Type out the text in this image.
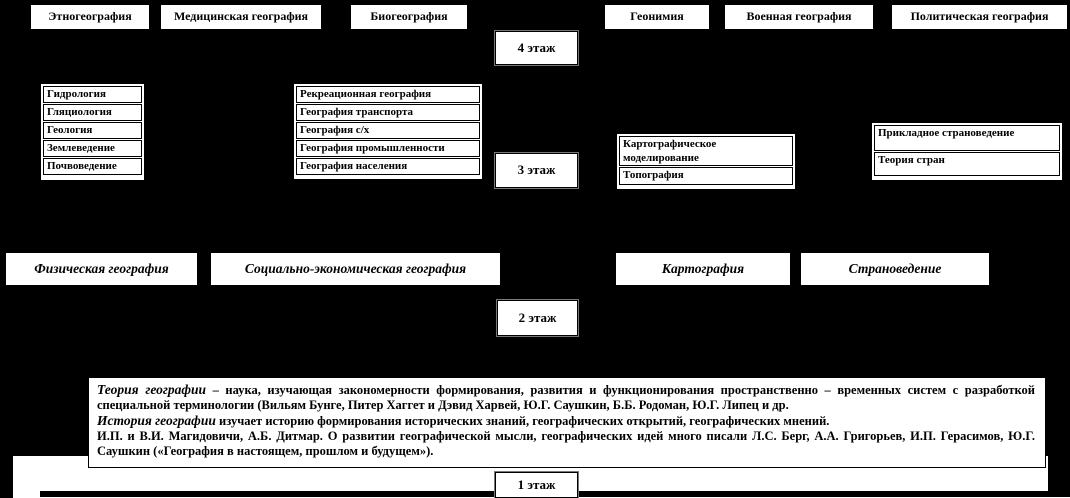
Этногеография	Медицинская география	Биогеография	Геонимия	Военная география	Политическая география
4 этаж
3 этаж
2 этаж
1 этаж
Гидрология
Гляциология
Геология
Землеведение
Почвоведение
Рекреационная география
География транспорта
География с/х
География промышленности
География населения
Картографическое моделирование
Топография
Прикладное страноведение
Теория стран
Физическая география	Социально-экономическая география	Картография	Страноведение
Теория географии – наука, изучающая закономерности формирования, развития и функционирования пространственно – временных систем с разработкой специальной терминологии (Вильям Бунге, Питер Хаггет и Дэвид Харвей, Ю.Г. Саушкин, Б.Б. Родоман, Ю.Г. Липец и др.
История географии изучает историю формирования исторических знаний, географических открытий, географических мнений.
И.П. и В.И. Магидовичи, А.Б. Дитмар. О развитии географической мысли, географических идей много писали Л.С. Берг, А.А. Григорьев, И.П. Герасимов, Ю.Г. Саушкин («География в настоящем, прошлом и будущем»).
